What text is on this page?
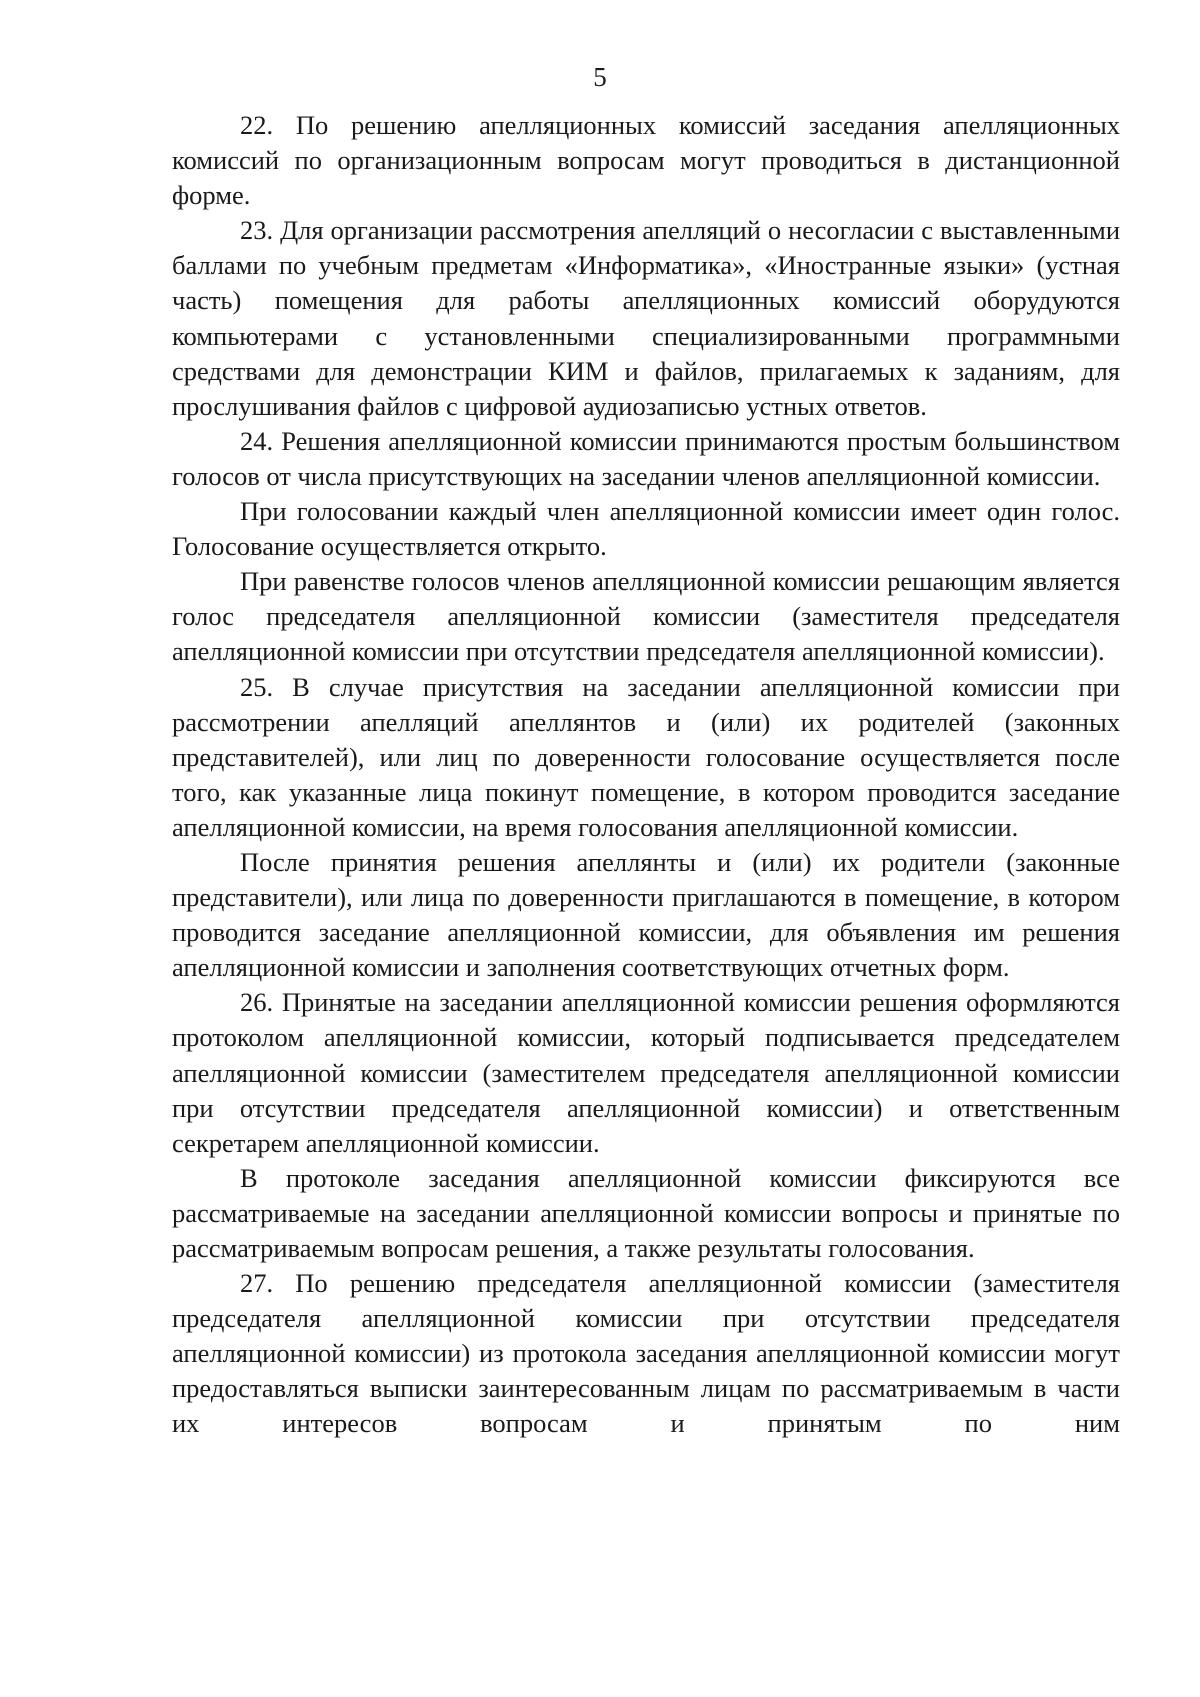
5

22. По решению апелляционных комиссий заседания апелляционных комиссий по организационным вопросам могут проводиться в дистанционной форме.

23. Для организации рассмотрения апелляций о несогласии с выставленными баллами по учебным предметам «Информатика», «Иностранные языки» (устная часть) помещения для работы апелляционных комиссий оборудуются компьютерами с установленными специализированными программными средствами для демонстрации КИМ и файлов, прилагаемых к заданиям, для прослушивания файлов с цифровой аудиозаписью устных ответов.

24. Решения апелляционной комиссии принимаются простым большинством голосов от числа присутствующих на заседании членов апелляционной комиссии.

При голосовании каждый член апелляционной комиссии имеет один голос. Голосование осуществляется открыто.

При равенстве голосов членов апелляционной комиссии решающим является голос председателя апелляционной комиссии (заместителя председателя апелляционной комиссии при отсутствии председателя апелляционной комиссии).

25. В случае присутствия на заседании апелляционной комиссии при рассмотрении апелляций апеллянтов и (или) их родителей (законных представителей), или лиц по доверенности голосование осуществляется после того, как указанные лица покинут помещение, в котором проводится заседание апелляционной комиссии, на время голосования апелляционной комиссии.

После принятия решения апеллянты и (или) их родители (законные представители), или лица по доверенности приглашаются в помещение, в котором проводится заседание апелляционной комиссии, для объявления им решения апелляционной комиссии и заполнения соответствующих отчетных форм.

26. Принятые на заседании апелляционной комиссии решения оформляются протоколом апелляционной комиссии, который подписывается председателем апелляционной комиссии (заместителем председателя апелляционной комиссии при отсутствии председателя апелляционной комиссии) и ответственным секретарем апелляционной комиссии.

В протоколе заседания апелляционной комиссии фиксируются все рассматриваемые на заседании апелляционной комиссии вопросы и принятые по рассматриваемым вопросам решения, а также результаты голосования.

27. По решению председателя апелляционной комиссии (заместителя председателя апелляционной комиссии при отсутствии председателя апелляционной комиссии) из протокола заседания апелляционной комиссии могут предоставляться выписки заинтересованным лицам по рассматриваемым в части их интересов вопросам и принятым по ним
